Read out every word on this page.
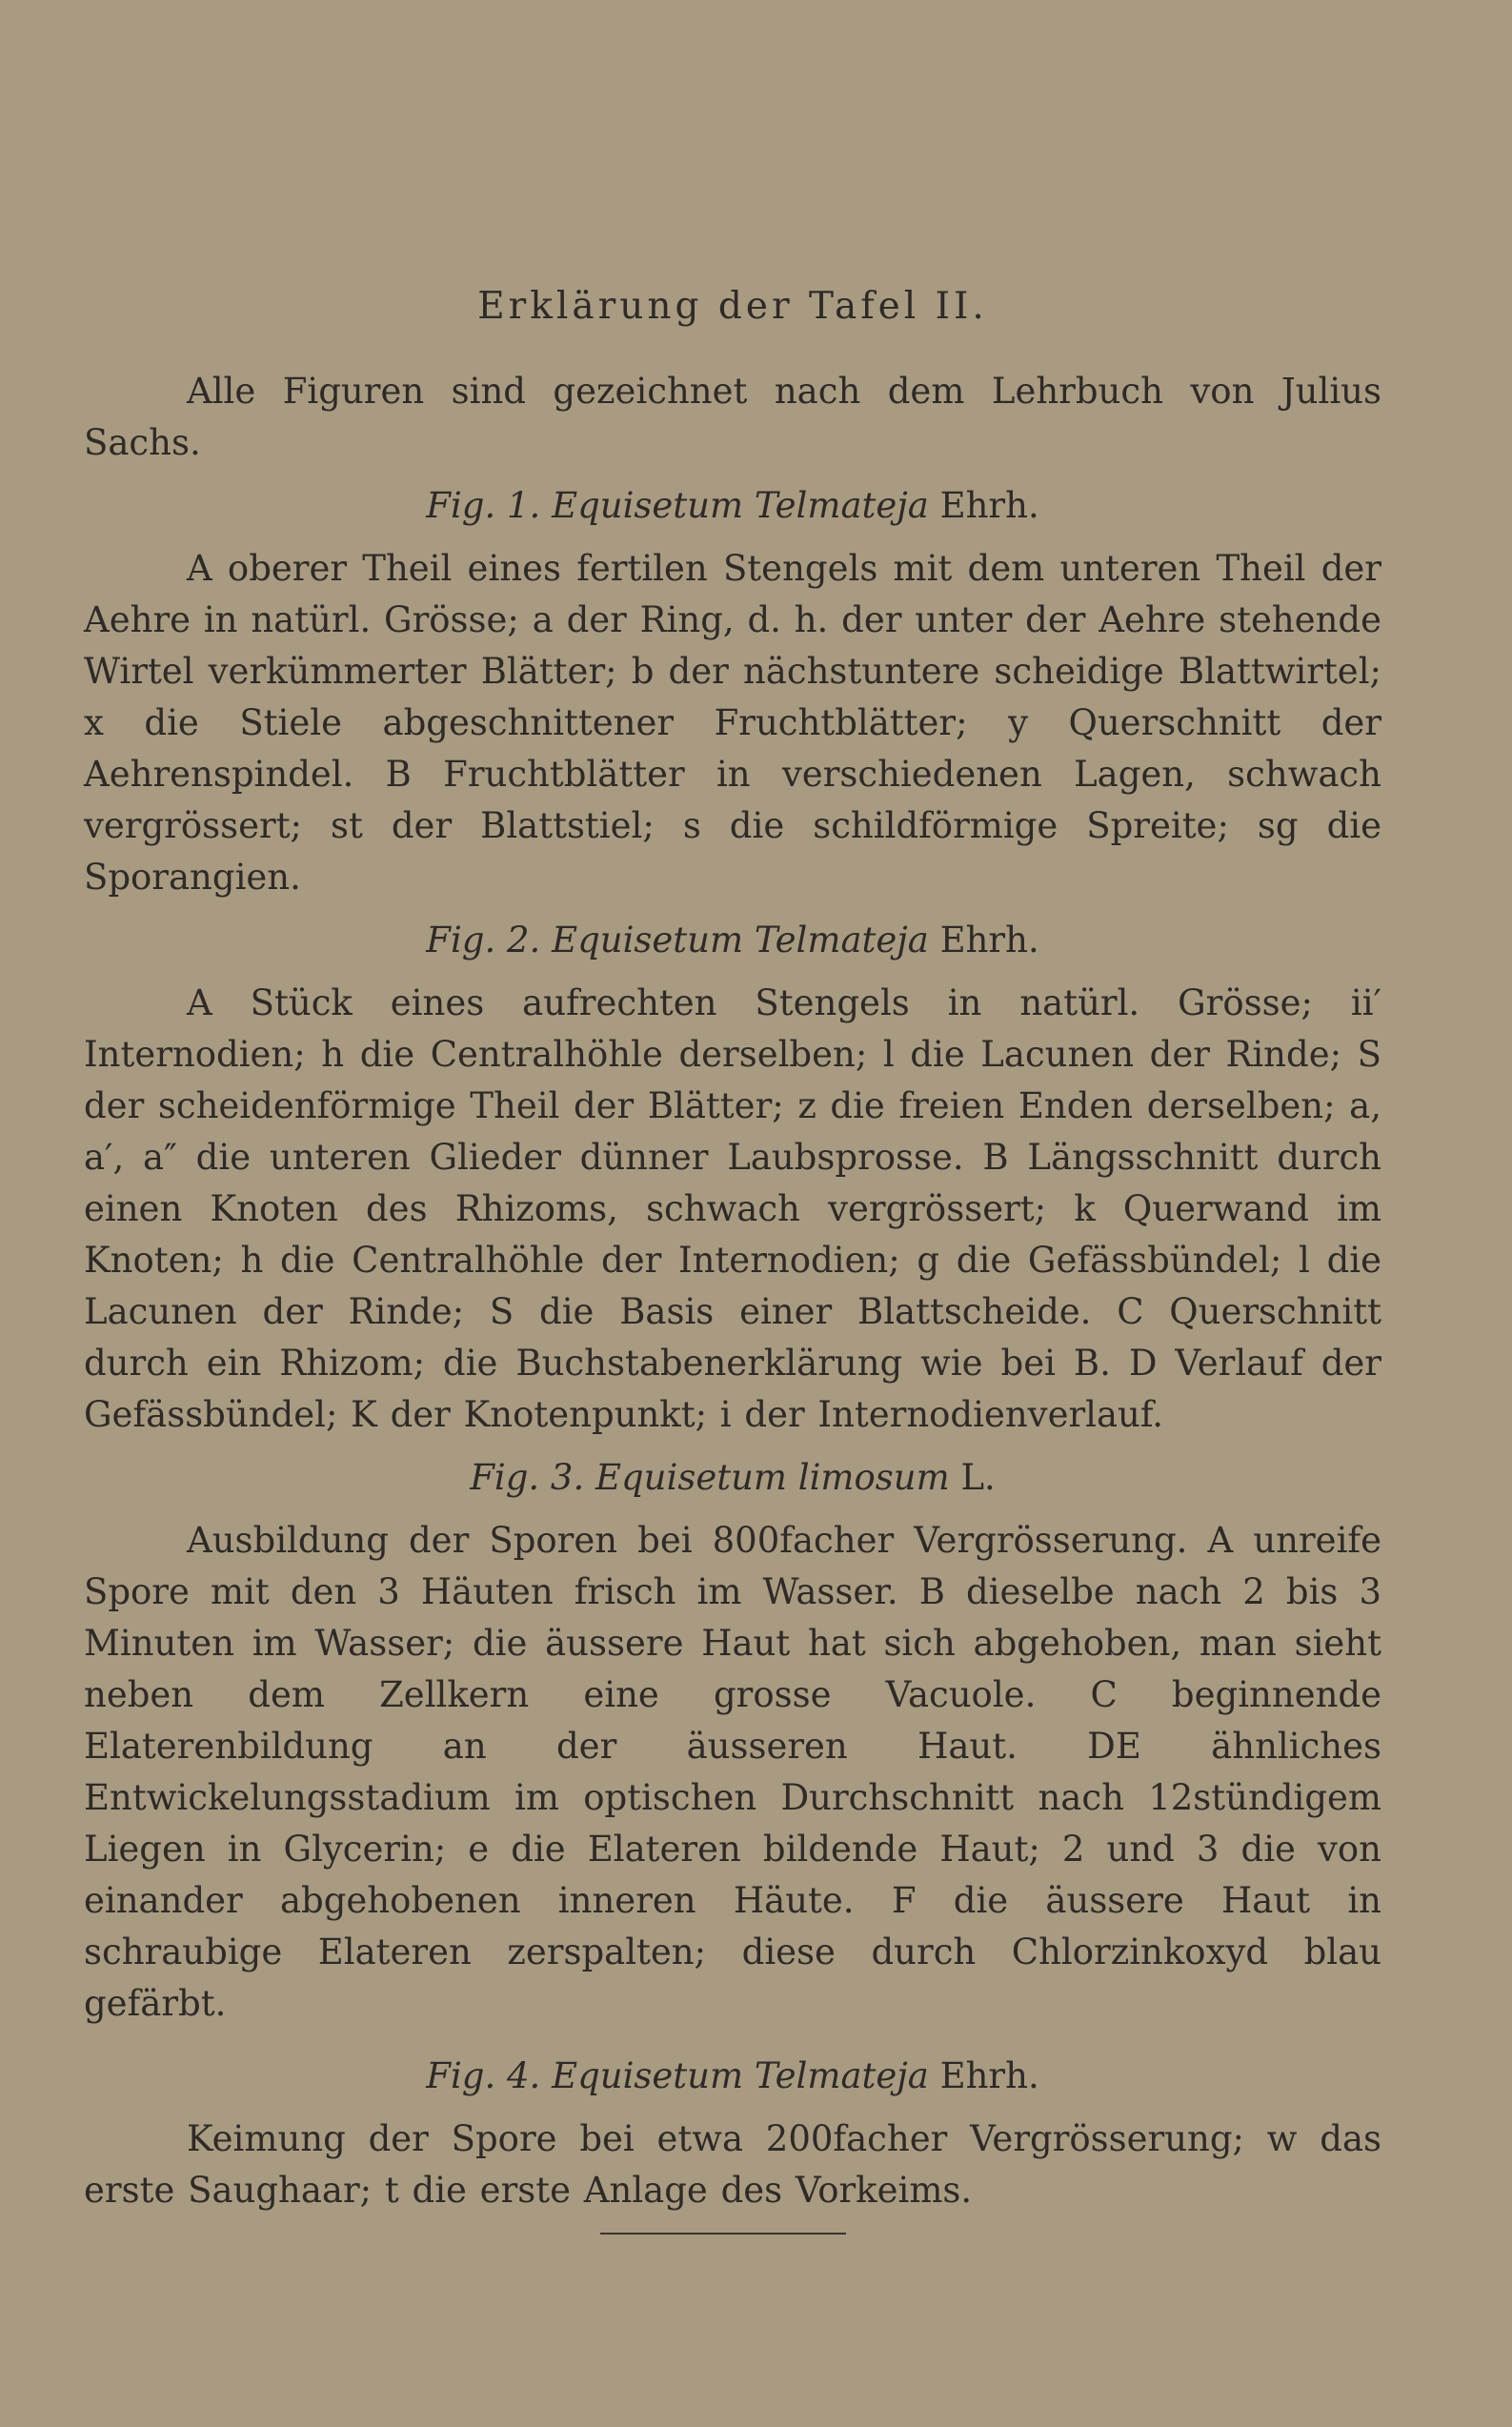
Erklärung der Tafel II.

Alle Figuren sind gezeichnet nach dem Lehrbuch von Julius Sachs.

Fig. 1. Equisetum Telmateja Ehrh.

A oberer Theil eines fertilen Stengels mit dem unteren Theil der Aehre in natürl. Grösse; a der Ring, d. h. der unter der Aehre stehende Wirtel verkümmerter Blätter; b der nächstuntere scheidige Blattwirtel; x die Stiele abgeschnittener Fruchtblätter; y Querschnitt der Aehrenspindel. B Fruchtblätter in verschiedenen Lagen, schwach vergrössert; st der Blattstiel; s die schildförmige Spreite; sg die Sporangien.

Fig. 2. Equisetum Telmateja Ehrh.

A Stück eines aufrechten Stengels in natürl. Grösse; ii′ Internodien; h die Centralhöhle derselben; l die Lacunen der Rinde; S der scheidenförmige Theil der Blätter; z die freien Enden derselben; a, a′, a″ die unteren Glieder dünner Laubsprosse. B Längsschnitt durch einen Knoten des Rhizoms, schwach vergrössert; k Querwand im Knoten; h die Centralhöhle der Internodien; g die Gefässbündel; l die Lacunen der Rinde; S die Basis einer Blattscheide. C Querschnitt durch ein Rhizom; die Buchstabenerklärung wie bei B. D Verlauf der Gefässbündel; K der Knotenpunkt; i der Internodienverlauf.

Fig. 3. Equisetum limosum L.

Ausbildung der Sporen bei 800facher Vergrösserung. A unreife Spore mit den 3 Häuten frisch im Wasser. B dieselbe nach 2 bis 3 Minuten im Wasser; die äussere Haut hat sich abgehoben, man sieht neben dem Zellkern eine grosse Vacuole. C beginnende Elaterenbildung an der äusseren Haut. DE ähnliches Entwickelungsstadium im optischen Durchschnitt nach 12stündigem Liegen in Glycerin; e die Elateren bildende Haut; 2 und 3 die von einander abgehobenen inneren Häute. F die äussere Haut in schraubige Elateren zerspalten; diese durch Chlorzinkoxyd blau gefärbt.

Fig. 4. Equisetum Telmateja Ehrh.

Keimung der Spore bei etwa 200facher Vergrösserung; w das erste Saughaar; t die erste Anlage des Vorkeims.
